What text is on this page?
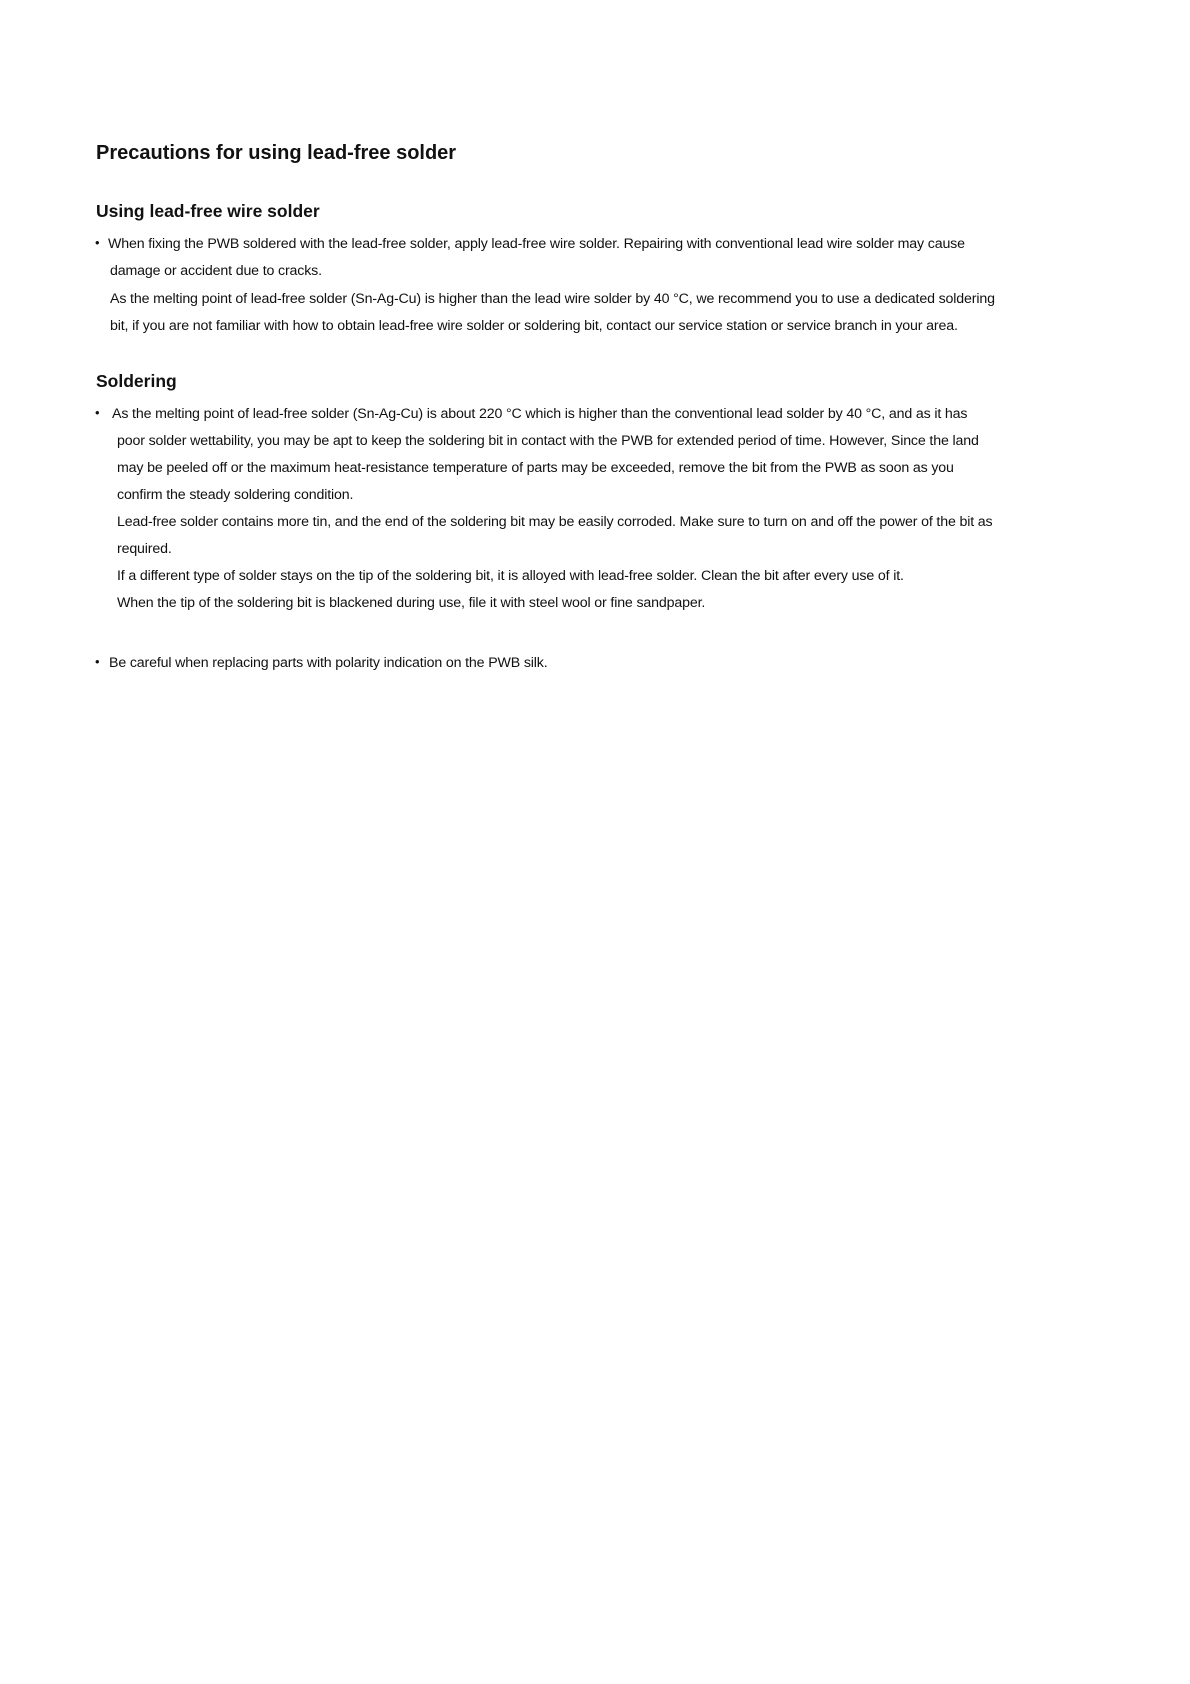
Precautions for using lead-free solder
Using lead-free wire solder
• When fixing the PWB soldered with the lead-free solder, apply lead-free wire solder. Repairing with conventional lead wire solder may cause

damage or accident due to cracks.

As the melting point of lead-free solder (Sn-Ag-Cu) is higher than the lead wire solder by 40 °C, we recommend you to use a dedicated soldering

bit, if you are not familiar with how to obtain lead-free wire solder or soldering bit, contact our service station or service branch in your area.

Soldering
• As the melting point of lead-free solder (Sn-Ag-Cu) is about 220 °C which is higher than the conventional lead solder by 40 °C, and as it has

poor solder wettability, you may be apt to keep the soldering bit in contact with the PWB for extended period of time. However, Since the land

may be peeled off or the maximum heat-resistance temperature of parts may be exceeded, remove the bit from the PWB as soon as you

confirm the steady soldering condition.

Lead-free solder contains more tin, and the end of the soldering bit may be easily corroded. Make sure to turn on and off the power of the bit as

required.

If a different type of solder stays on the tip of the soldering bit, it is alloyed with lead-free solder. Clean the bit after every use of it.

When the tip of the soldering bit is blackened during use, file it with steel wool or fine sandpaper.

• Be careful when replacing parts with polarity indication on the PWB silk.
